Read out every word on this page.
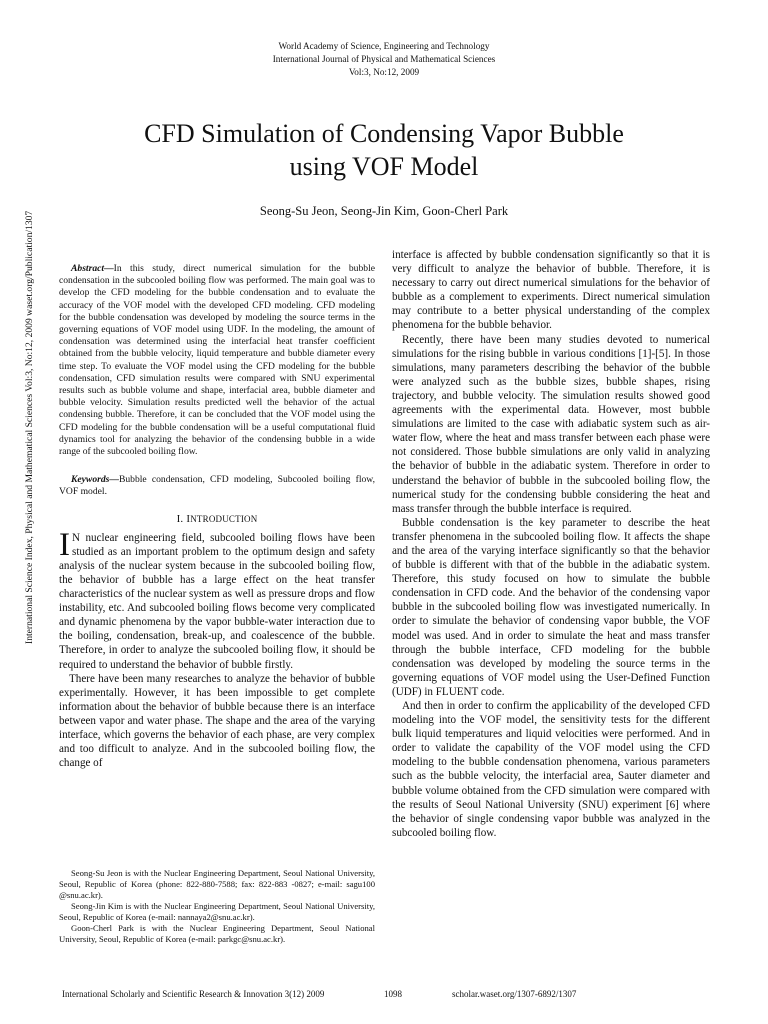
World Academy of Science, Engineering and Technology
International Journal of Physical and Mathematical Sciences
Vol:3, No:12, 2009
CFD Simulation of Condensing Vapor Bubble
using VOF Model
Seong-Su Jeon, Seong-Jin Kim, Goon-Cherl Park
International Science Index, Physical and Mathematical Sciences Vol:3, No:12, 2009 waset.org/Publication/1307	Abstract—In this study, direct numerical simulation for the bubble condensation in the subcooled boiling flow was performed. The main goal was to develop the CFD modeling for the bubble condensation and to evaluate the accuracy of the VOF model with the developed CFD modeling. CFD modeling for the bubble condensation was developed by modeling the source terms in the governing equations of VOF model using UDF. In the modeling, the amount of condensation was determined using the interfacial heat transfer coefficient obtained from the bubble velocity, liquid temperature and bubble diameter every time step. To evaluate the VOF model using the CFD modeling for the bubble condensation, CFD simulation results were compared with SNU experimental results such as bubble volume and shape, interfacial area, bubble diameter and bubble velocity. Simulation results predicted well the behavior of the actual condensing bubble. Therefore, it can be concluded that the VOF model using the CFD modeling for the bubble condensation will be a useful computational fluid dynamics tool for analyzing the behavior of the condensing bubble in a wide range of the subcooled boiling flow.

Keywords—Bubble condensation, CFD modeling, Subcooled boiling flow, VOF model.

I. INTRODUCTION

I N nuclear engineering field, subcooled boiling flows have been studied as an important problem to the optimum design and safety analysis of the nuclear system because in the subcooled boiling flow, the behavior of bubble has a large effect on the heat transfer characteristics of the nuclear system as well as pressure drops and flow instability, etc. And subcooled boiling flows become very complicated and dynamic phenomena by the vapor bubble-water interaction due to the boiling, condensation, break-up, and coalescence of the bubble. Therefore, in order to analyze the subcooled boiling flow, it should be required to understand the behavior of bubble firstly.

There have been many researches to analyze the behavior of bubble experimentally. However, it has been impossible to get complete information about the behavior of bubble because there is an interface between vapor and water phase. The shape and the area of the varying interface, which governs the behavior of each phase, are very complex and too difficult to analyze. And in the subcooled boiling flow, the change of

interface is affected by bubble condensation significantly so that it is very difficult to analyze the behavior of bubble. Therefore, it is necessary to carry out direct numerical simulations for the behavior of bubble as a complement to experiments. Direct numerical simulation may contribute to a better physical understanding of the complex phenomena for the bubble behavior.

Recently, there have been many studies devoted to numerical simulations for the rising bubble in various conditions [1]-[5]. In those simulations, many parameters describing the behavior of the bubble were analyzed such as the bubble sizes, bubble shapes, rising trajectory, and bubble velocity. The simulation results showed good agreements with the experimental data. However, most bubble simulations are limited to the case with adiabatic system such as air-water flow, where the heat and mass transfer between each phase were not considered. Those bubble simulations are only valid in analyzing the behavior of bubble in the adiabatic system. Therefore in order to understand the behavior of bubble in the subcooled boiling flow, the numerical study for the condensing bubble considering the heat and mass transfer through the bubble interface is required.

Bubble condensation is the key parameter to describe the heat transfer phenomena in the subcooled boiling flow. It affects the shape and the area of the varying interface significantly so that the behavior of bubble is different with that of the bubble in the adiabatic system. Therefore, this study focused on how to simulate the bubble condensation in CFD code. And the behavior of the condensing vapor bubble in the subcooled boiling flow was investigated numerically. In order to simulate the behavior of condensing vapor bubble, the VOF model was used. And in order to simulate the heat and mass transfer through the bubble interface, CFD modeling for the bubble condensation was developed by modeling the source terms in the governing equations of VOF model using the User-Defined Function (UDF) in FLUENT code.

And then in order to confirm the applicability of the developed CFD modeling into the VOF model, the sensitivity tests for the different bulk liquid temperatures and liquid velocities were performed. And in order to validate the capability of the VOF model using the CFD modeling to the bubble condensation phenomena, various parameters such as the bubble velocity, the interfacial area, Sauter diameter and bubble volume obtained from the CFD simulation were compared with the results of Seoul National University (SNU) experiment [6] where the behavior of single condensing vapor bubble was analyzed in the subcooled boiling flow.

Seong-Su Jeon is with the Nuclear Engineering Department, Seoul National University, Seoul, Republic of Korea (phone: 822-880-7588; fax: 822-883 -0827; e-mail: sagu100 @snu.ac.kr).

Seong-Jin Kim is with the Nuclear Engineering Department, Seoul National University, Seoul, Republic of Korea (e-mail: nannaya2@snu.ac.kr).

Goon-Cherl Park is with the Nuclear Engineering Department, Seoul National University, Seoul, Republic of Korea (e-mail: parkgc@snu.ac.kr).

International Scholarly and Scientific Research & Innovation 3(12) 2009	1098	scholar.waset.org/1307-6892/1307
